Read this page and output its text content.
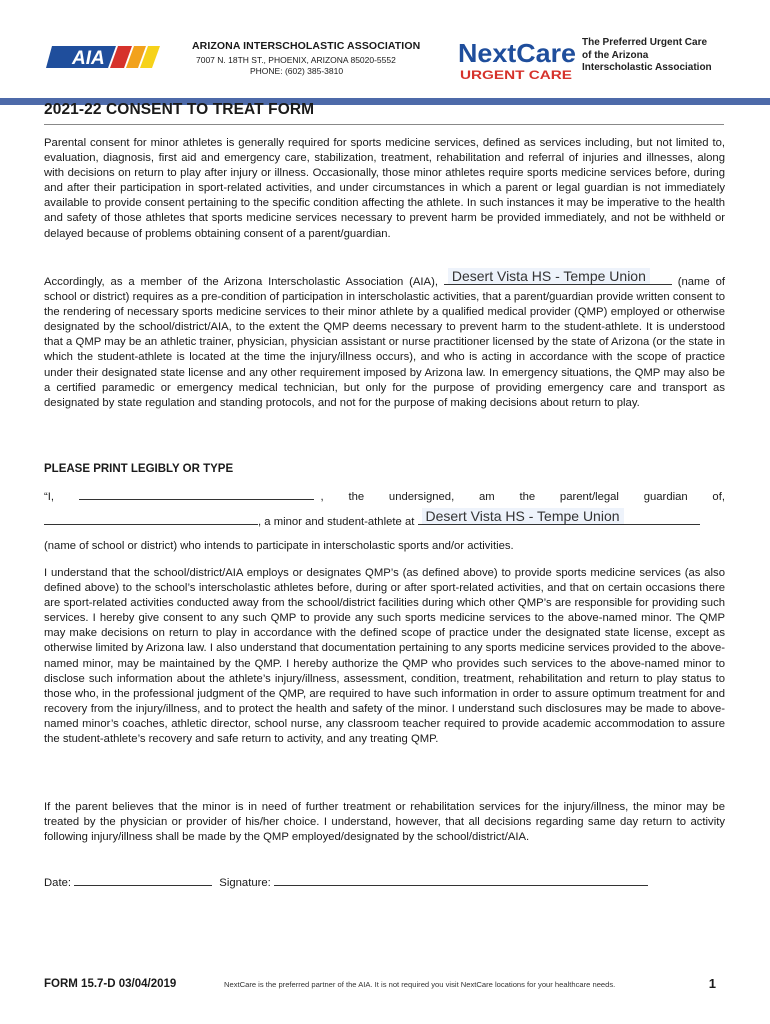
AIA
ARIZONA INTERSCHOLASTIC ASSOCIATION
7007 N. 18TH ST., PHOENIX, ARIZONA 85020-5552
PHONE: (602) 385-3810
NextCare
URGENT CARE
The Preferred Urgent Care of the Arizona Interscholastic Association
2021-22 CONSENT TO TREAT FORM

Parental consent for minor athletes is generally required for sports medicine services, defined as services including, but not limited to, evaluation, diagnosis, first aid and emergency care, stabilization, treatment, rehabilitation and referral of injuries and illnesses, along with decisions on return to play after injury or illness. Occasionally, those minor athletes require sports medicine services before, during and after their participation in sport-related activities, and under circumstances in which a parent or legal guardian is not immediately available to provide consent pertaining to the specific condition affecting the athlete. In such instances it may be imperative to the health and safety of those athletes that sports medicine services necessary to prevent harm be provided immediately, and not be withheld or delayed because of problems obtaining consent of a parent/guardian.

Accordingly, as a member of the Arizona Interscholastic Association (AIA), Desert Vista HS - Tempe Union	(name of school or district) requires as a pre-condition of participation in interscholastic activities, that a parent/guardian provide written consent to the rendering of necessary sports medicine services to their minor athlete by a qualified medical provider (QMP) employed or otherwise designated by the school/district/AIA, to the extent the QMP deems necessary to prevent harm to the student-athlete. It is understood that a QMP may be an athletic trainer, physician, physician assistant or nurse practitioner licensed by the state of Arizona (or the state in which the student-athlete is located at the time the injury/illness occurs), and who is acting in accordance with the scope of practice under their designated state license and any other requirement imposed by Arizona law. In emergency situations, the QMP may also be a certified paramedic or emergency medical technician, but only for the purpose of providing emergency care and transport as designated by state regulation and standing protocols, and not for the purpose of making decisions about return to play.

PLEASE PRINT LEGIBLY OR TYPE
“I,	, the undersigned, am the parent/legal guardian of,
, a minor and student-athlete at Desert Vista HS - Tempe Union
(name of school or district) who intends to participate in interscholastic sports and/or activities.

I understand that the school/district/AIA employs or designates QMP’s (as defined above) to provide sports medicine services (as also defined above) to the school’s interscholastic athletes before, during or after sport-related activities, and that on certain occasions there are sport-related activities conducted away from the school/district facilities during which other QMP’s are responsible for providing such services. I hereby give consent to any such QMP to provide any such sports medicine services to the above-named minor. The QMP may make decisions on return to play in accordance with the defined scope of practice under the designated state license, except as otherwise limited by Arizona law. I also understand that documentation pertaining to any sports medicine services provided to the above-named minor, may be maintained by the QMP. I hereby authorize the QMP who provides such services to the above-named minor to disclose such information about the athlete’s injury/illness, assessment, condition, treatment, rehabilitation and return to play status to those who, in the professional judgment of the QMP, are required to have such information in order to assure optimum treatment for and recovery from the injury/illness, and to protect the health and safety of the minor. I understand such disclosures may be made to above-named minor’s coaches, athletic director, school nurse, any classroom teacher required to provide academic accommodation to assure the student-athlete’s recovery and safe return to activity, and any treating QMP.

If the parent believes that the minor is in need of further treatment or rehabilitation services for the injury/illness, the minor may be treated by the physician or provider of his/her choice. I understand, however, that all decisions regarding same day return to activity following injury/illness shall be made by the QMP employed/designated by the school/district/AIA.

Date:	Signature:
FORM 15.7-D 03/04/2019	NextCare is the preferred partner of the AIA. It is not required you visit NextCare locations for your healthcare needs.	1
